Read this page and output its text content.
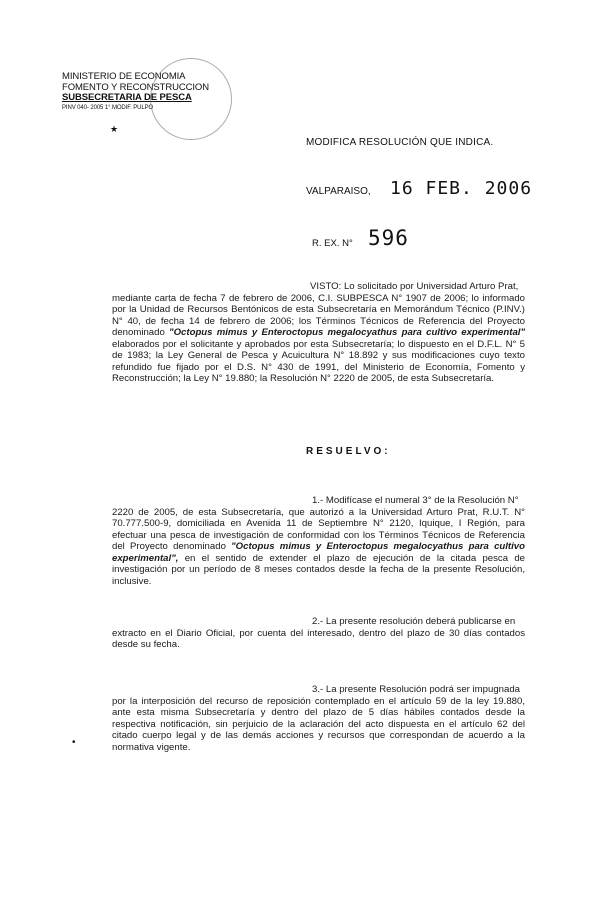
MINISTERIO DE ECONOMIA
FOMENTO Y RECONSTRUCCION
SUBSECRETARIA DE PESCA
PINV 040- 2005 1° MODIF. PULPO
★
MODIFICA RESOLUCIÓN QUE INDICA.
VALPARAISO, 16 FEB. 2006
R. EX. N° 596
VISTO: Lo solicitado por Universidad Arturo Prat,
mediante carta de fecha 7 de febrero de 2006, C.I. SUBPESCA N° 1907 de 2006; lo informado por la Unidad de Recursos Bentónicos de esta Subsecretaría en Memorándum Técnico (P.INV.) N° 40, de fecha 14 de febrero de 2006; los Términos Técnicos de Referencia del Proyecto denominado "Octopus mimus y Enteroctopus megalocyathus para cultivo experimental" elaborados por el solicitante y aprobados por esta Subsecretaría; lo dispuesto en el D.F.L. N° 5 de 1983; la Ley General de Pesca y Acuicultura N° 18.892 y sus modificaciones cuyo texto refundido fue fijado por el D.S. N° 430 de 1991, del Ministerio de Economía, Fomento y Reconstrucción; la Ley N° 19.880; la Resolución N° 2220 de 2005, de esta Subsecretaría.
RESUELVO:
1.- Modifícase el numeral 3° de la Resolución N°
2220 de 2005, de esta Subsecretaría, que autorizó a la Universidad Arturo Prat, R.U.T. N° 70.777.500-9, domiciliada en Avenida 11 de Septiembre N° 2120, Iquique, I Región, para efectuar una pesca de investigación de conformidad con los Términos Técnicos de Referencia del Proyecto denominado "Octopus mimus y Enteroctopus megalocyathus para cultivo experimental", en el sentido de extender el plazo de ejecución de la citada pesca de investigación por un período de 8 meses contados desde la fecha de la presente Resolución, inclusive.
2.- La presente resolución deberá publicarse en
extracto en el Diario Oficial, por cuenta del interesado, dentro del plazo de 30 días contados desde su fecha.
3.- La presente Resolución podrá ser impugnada
por la interposición del recurso de reposición contemplado en el artículo 59 de la ley 19.880, ante esta misma Subsecretaría y dentro del plazo de 5 días hábiles contados desde la respectiva notificación, sin perjuicio de la aclaración del acto dispuesta en el artículo 62 del citado cuerpo legal y de las demás acciones y recursos que correspondan de acuerdo a la normativa vigente.
•
